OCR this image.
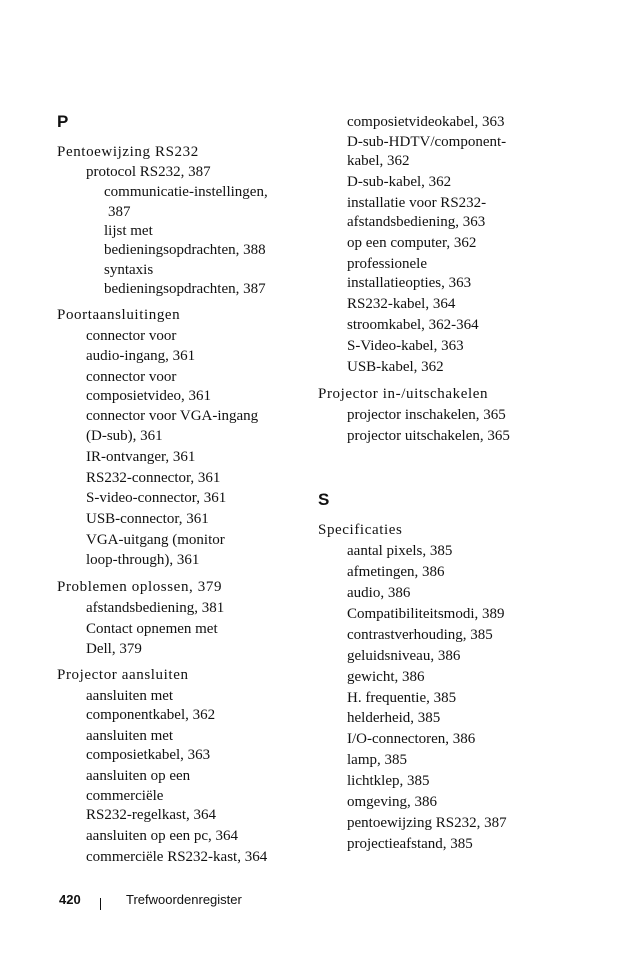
P
Pentoewijzing RS232
protocol RS232, 387
communicatie-instellingen,
387
lijst met
bedieningsopdrachten, 388
syntaxis
bedieningsopdrachten, 387
Poortaansluitingen
connector voor
audio-ingang, 361
connector voor
composietvideo, 361
connector voor VGA-ingang
(D-sub), 361
IR-ontvanger, 361
RS232-connector, 361
S-video-connector, 361
USB-connector, 361
VGA-uitgang (monitor
loop-through), 361
Problemen oplossen, 379
afstandsbediening, 381
Contact opnemen met
Dell, 379
Projector aansluiten
aansluiten met
componentkabel, 362
aansluiten met
composietkabel, 363
aansluiten op een
commerciële
RS232-regelkast, 364
aansluiten op een pc, 364
commerciële RS232-kast, 364
composietvideokabel, 363
D-sub-HDTV/component-
kabel, 362
D-sub-kabel, 362
installatie voor RS232-
afstandsbediening, 363
op een computer, 362
professionele
installatieopties, 363
RS232-kabel, 364
stroomkabel, 362-364
S-Video-kabel, 363
USB-kabel, 362
Projector in-/uitschakelen
projector inschakelen, 365
projector uitschakelen, 365
S
Specificaties
aantal pixels, 385
afmetingen, 386
audio, 386
Compatibiliteitsmodi, 389
contrastverhouding, 385
geluidsniveau, 386
gewicht, 386
H. frequentie, 385
helderheid, 385
I/O-connectoren, 386
lamp, 385
lichtklep, 385
omgeving, 386
pentoewijzing RS232, 387
projectieafstand, 385
420	Trefwoordenregister
